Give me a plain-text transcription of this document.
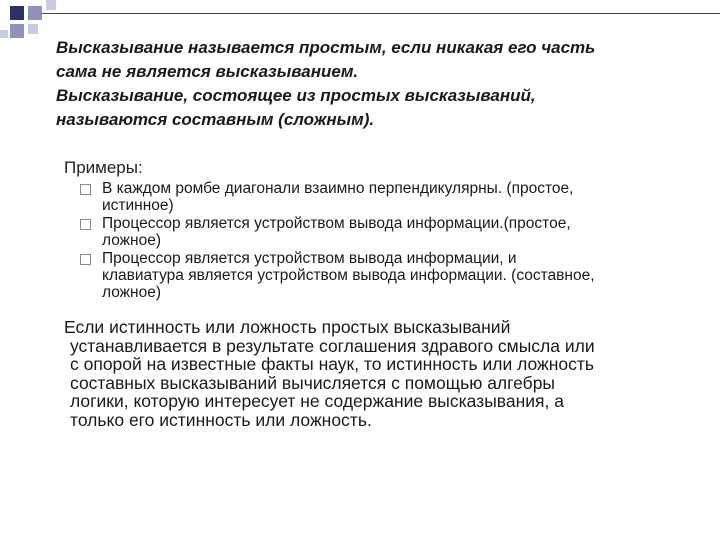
Высказывание называется простым, если никакая его часть
сама не является высказыванием.
Высказывание, состоящее из простых высказываний,
называются составным (сложным).
Примеры:
В каждом ромбе диагонали взаимно перпендикулярны. (простое,
истинное)
Процессор является устройством вывода информации.(простое,
ложное)
Процессор является устройством вывода информации, и
клавиатура является устройством вывода информации. (составное,
ложное)
Если истинность или ложность простых высказываний
устанавливается в результате соглашения здравого смысла или
с опорой на известные факты наук, то истинность или ложность
составных высказываний вычисляется с помощью алгебры
логики, которую интересует не содержание высказывания, а
только его истинность или ложность.
